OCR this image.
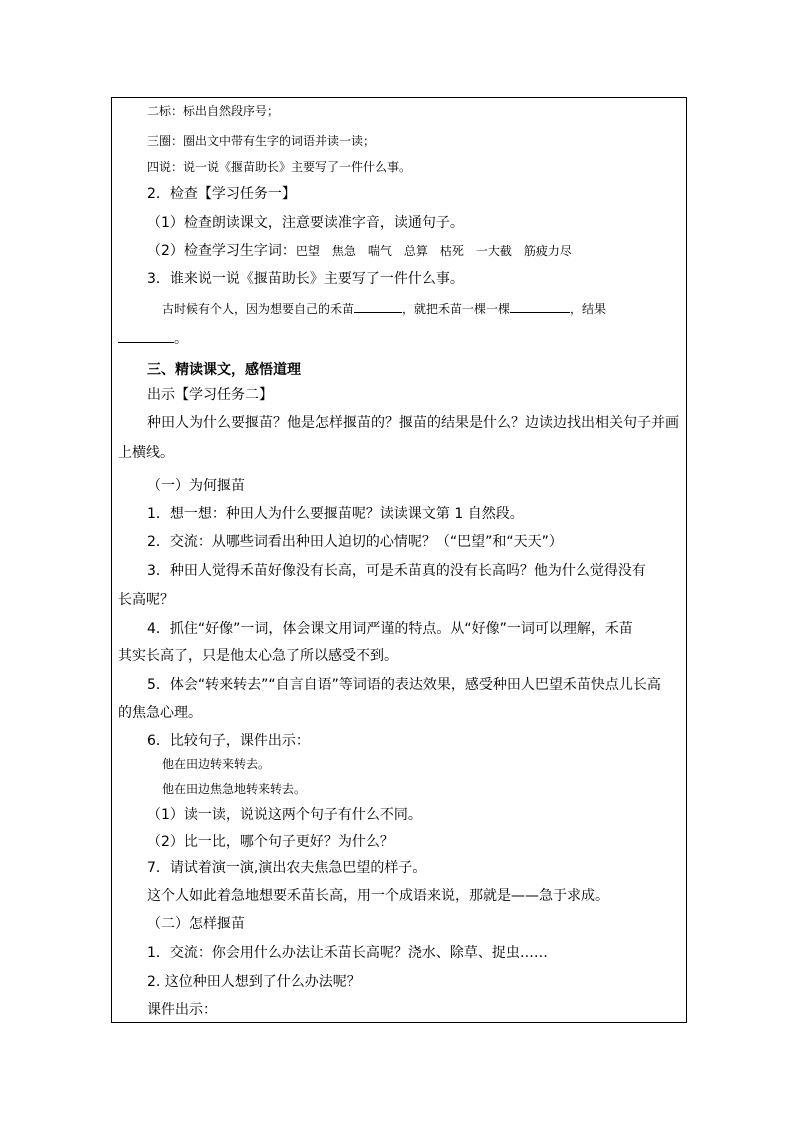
二标：标出自然段序号；
三圈：圈出文中带有生字的词语并读一读；
四说：说一说《揠苗助长》主要写了一件什么事。
2．检查【学习任务一】
（1）检查朗读课文，注意要读准字音，读通句子。
（2）检查学习生字词：巴望　焦急　喘气　总算　枯死　一大截　筋疲力尽
3．谁来说一说《揠苗助长》主要写了一件什么事。
古时候有个人，因为想要自己的禾苗	，就把禾苗一棵一棵	，结果
。
三、精读课文，感悟道理
出示【学习任务二】
种田人为什么要揠苗？他是怎样揠苗的？揠苗的结果是什么？边读边找出相关句子并画
上横线。
（一）为何揠苗
1．想一想：种田人为什么要揠苗呢？读读课文第 1 自然段。
2．交流：从哪些词看出种田人迫切的心情呢？（“巴望”和“天天”）
3．种田人觉得禾苗好像没有长高，可是禾苗真的没有长高吗？他为什么觉得没有
长高呢？
4．抓住“好像”一词，体会课文用词严谨的特点。从“好像”一词可以理解，禾苗
其实长高了，只是他太心急了所以感受不到。
5．体会“转来转去”“自言自语”等词语的表达效果，感受种田人巴望禾苗快点儿长高
的焦急心理。
6．比较句子，课件出示：
他在田边转来转去。
他在田边焦急地转来转去。
（1）读一读，说说这两个句子有什么不同。
（2）比一比，哪个句子更好？为什么？
7．请试着演一演,演出农夫焦急巴望的样子。
这个人如此着急地想要禾苗长高，用一个成语来说，那就是——急于求成。
（二）怎样揠苗
1．交流：你会用什么办法让禾苗长高呢？浇水、除草、捉虫……
2. 这位种田人想到了什么办法呢？
课件出示：
